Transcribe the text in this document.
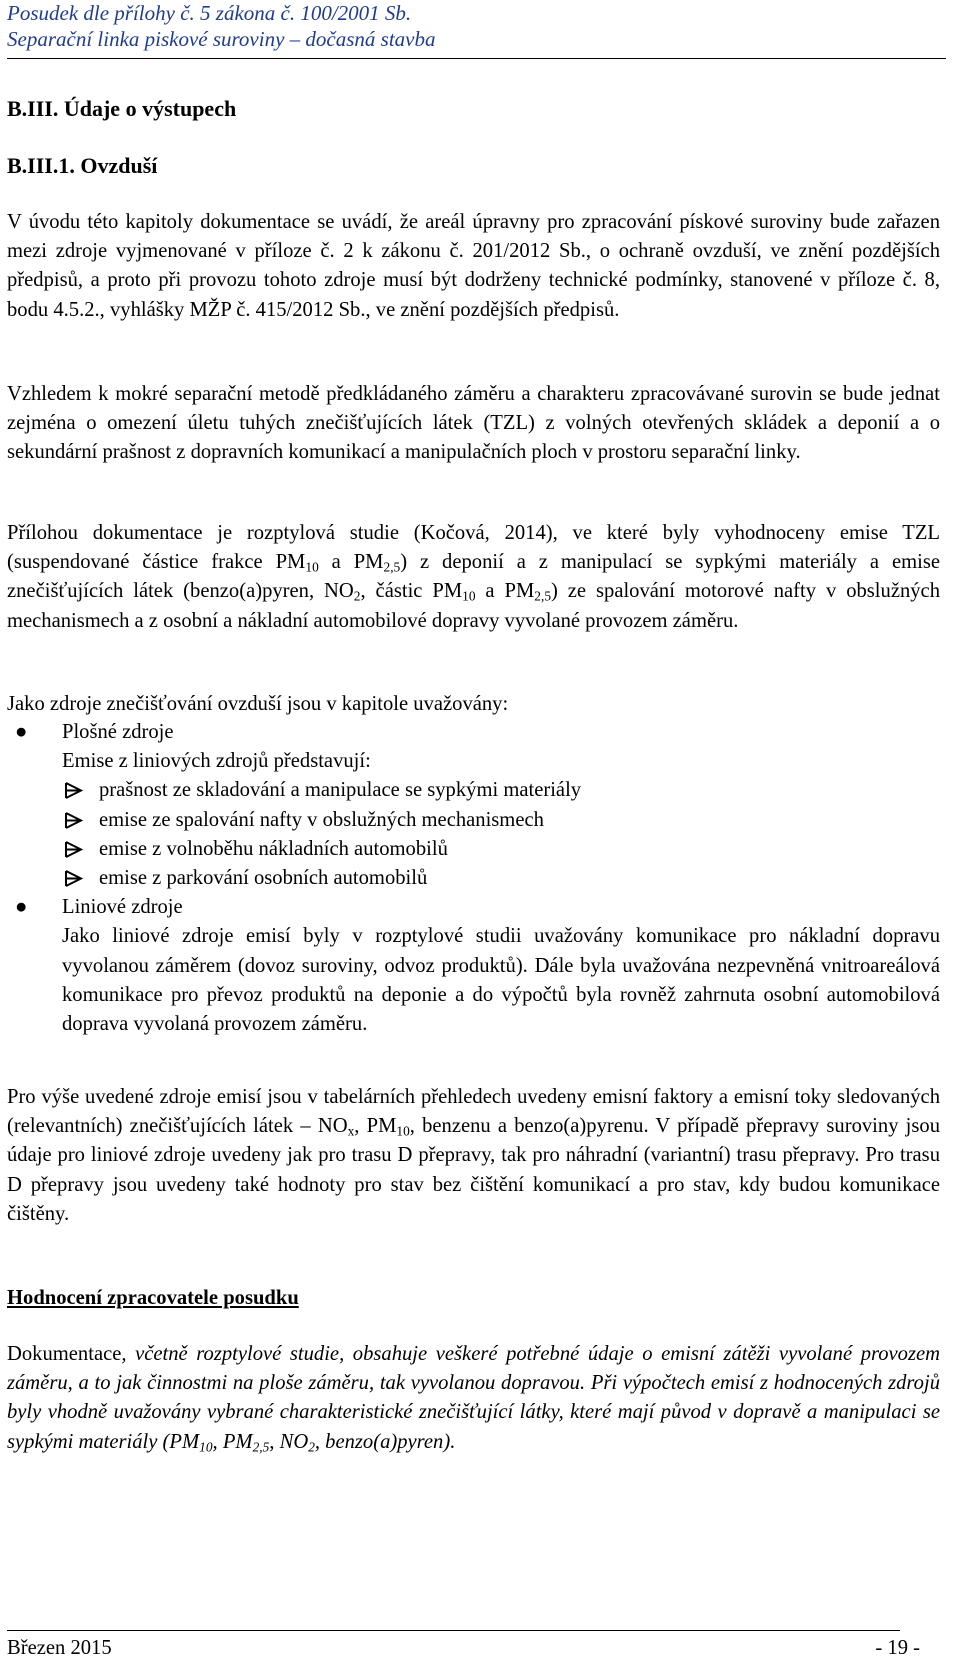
Posudek dle přílohy č. 5 zákona č. 100/2001 Sb.
Separační linka piskové suroviny – dočasná stavba
B.III. Údaje o výstupech
B.III.1. Ovzduší

V úvodu této kapitoly dokumentace se uvádí, že areál úpravny pro zpracování pískové suroviny bude zařazen mezi zdroje vyjmenované v příloze č. 2 k zákonu č. 201/2012 Sb., o ochraně ovzduší, ve znění pozdějších předpisů, a proto při provozu tohoto zdroje musí být dodrženy technické podmínky, stanovené v příloze č. 8, bodu 4.5.2., vyhlášky MŽP č. 415/2012 Sb., ve znění pozdějších předpisů.

Vzhledem k mokré separační metodě předkládaného záměru a charakteru zpracovávané surovin se bude jednat zejména o omezení úletu tuhých znečišťujících látek (TZL) z volných otevřených skládek a deponií a o sekundární prašnost z dopravních komunikací a manipulačních ploch v prostoru separační linky.

Přílohou dokumentace je rozptylová studie (Kočová, 2014), ve které byly vyhodnoceny emise TZL (suspendované částice frakce $PM_{10}$ a $PM_{2,5}$) z deponií a z manipulací se sypkými materiály a emise znečišťujících látek (benzo(a)pyren, $NO_2$, částic $PM_{10}$ a $PM_{2,5}$) ze spalování motorové nafty v obslužných mechanismech a z osobní a nákladní automobilové dopravy vyvolané provozem záměru.

Jako zdroje znečišťování ovzduší jsou v kapitole uvažovány:

● Plošné zdroje
Emise z liniových zdrojů představují:
prašnost ze skladování a manipulace se sypkými materiály
emise ze spalování nafty v obslužných mechanismech
emise z volnoběhu nákladních automobilů
emise z parkování osobních automobilů
● Liniové zdroje
Jako liniové zdroje emisí byly v rozptylové studii uvažovány komunikace pro nákladní dopravu vyvolanou záměrem (dovoz suroviny, odvoz produktů). Dále byla uvažována nezpevněná vnitroareálová komunikace pro převoz produktů na deponie a do výpočtů byla rovněž zahrnuta osobní automobilová doprava vyvolaná provozem záměru.

Pro výše uvedené zdroje emisí jsou v tabelárních přehledech uvedeny emisní faktory a emisní toky sledovaných (relevantních) znečišťujících látek – $NO_x$, $PM_{10}$, benzenu a benzo(a)pyrenu. V případě přepravy suroviny jsou údaje pro liniové zdroje uvedeny jak pro trasu D přepravy, tak pro náhradní (variantní) trasu přepravy. Pro trasu D přepravy jsou uvedeny také hodnoty pro stav bez čištění komunikací a pro stav, kdy budou komunikace čištěny.

Hodnocení zpracovatele posudku

Dokumentace, včetně rozptylové studie, obsahuje veškeré potřebné údaje o emisní zátěži vyvolané provozem záměru, a to jak činnostmi na ploše záměru, tak vyvolanou dopravou. Při výpočtech emisí z hodnocených zdrojů byly vhodně uvažovány vybrané charakteristické znečišťující látky, které mají původ v dopravě a manipulaci se sypkými materiály ($PM_{10}$, $PM_{2,5}$, $NO_2$, benzo(a)pyren).

Březen 2015	- 19 -
